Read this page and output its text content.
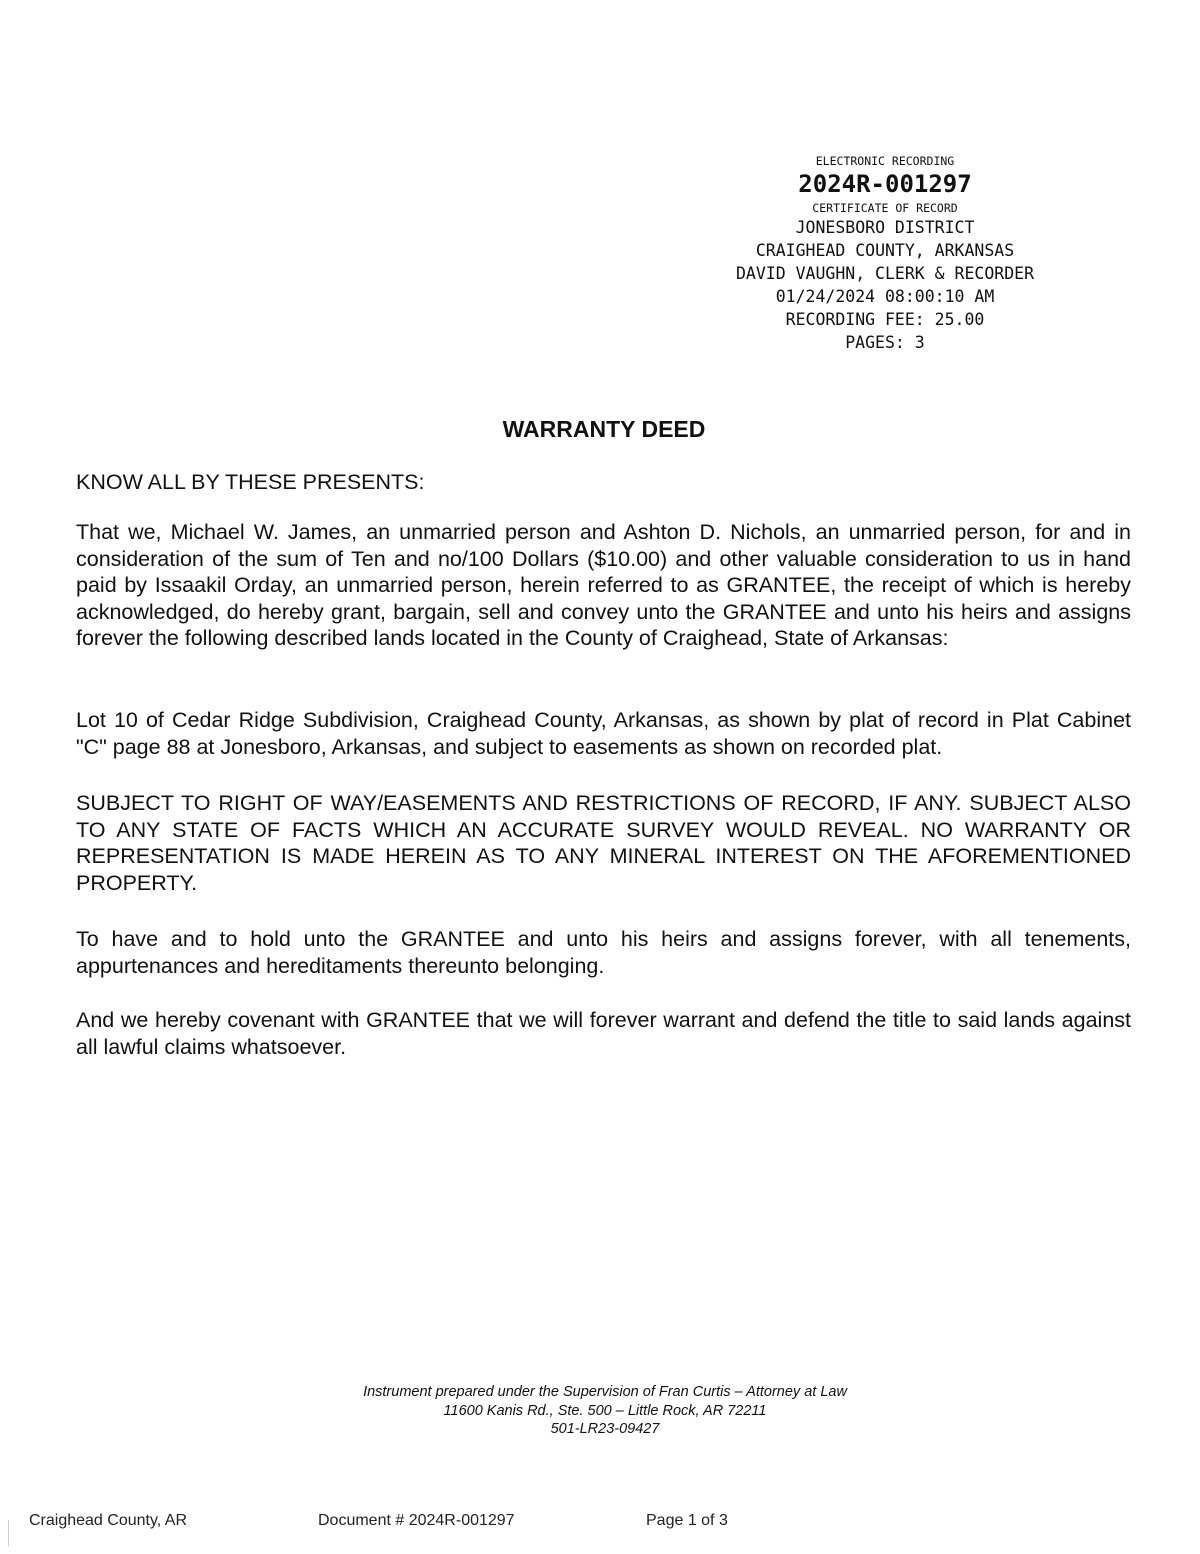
ELECTRONIC RECORDING
2024R-001297
CERTIFICATE OF RECORD
JONESBORO DISTRICT
CRAIGHEAD COUNTY, ARKANSAS
DAVID VAUGHN, CLERK & RECORDER
01/24/2024 08:00:10 AM
RECORDING FEE: 25.00
PAGES: 3
WARRANTY DEED

KNOW ALL BY THESE PRESENTS:

That we, Michael W. James, an unmarried person and Ashton D. Nichols, an unmarried person, for and in consideration of the sum of Ten and no/100 Dollars ($10.00) and other valuable consideration to us in hand paid by Issaakil Orday, an unmarried person, herein referred to as GRANTEE, the receipt of which is hereby acknowledged, do hereby grant, bargain, sell and convey unto the GRANTEE and unto his heirs and assigns forever the following described lands located in the County of Craighead, State of Arkansas:

Lot 10 of Cedar Ridge Subdivision, Craighead County, Arkansas, as shown by plat of record in Plat Cabinet "C" page 88 at Jonesboro, Arkansas, and subject to easements as shown on recorded plat.

SUBJECT TO RIGHT OF WAY/EASEMENTS AND RESTRICTIONS OF RECORD, IF ANY. SUBJECT ALSO TO ANY STATE OF FACTS WHICH AN ACCURATE SURVEY WOULD REVEAL. NO WARRANTY OR REPRESENTATION IS MADE HEREIN AS TO ANY MINERAL INTEREST ON THE AFOREMENTIONED PROPERTY.

To have and to hold unto the GRANTEE and unto his heirs and assigns forever, with all tenements, appurtenances and hereditaments thereunto belonging.

And we hereby covenant with GRANTEE that we will forever warrant and defend the title to said lands against all lawful claims whatsoever.

Instrument prepared under the Supervision of Fran Curtis – Attorney at Law
11600 Kanis Rd., Ste. 500 – Little Rock, AR 72211
501-LR23-09427
Craighead County, AR	Document # 2024R-001297	Page 1 of 3
